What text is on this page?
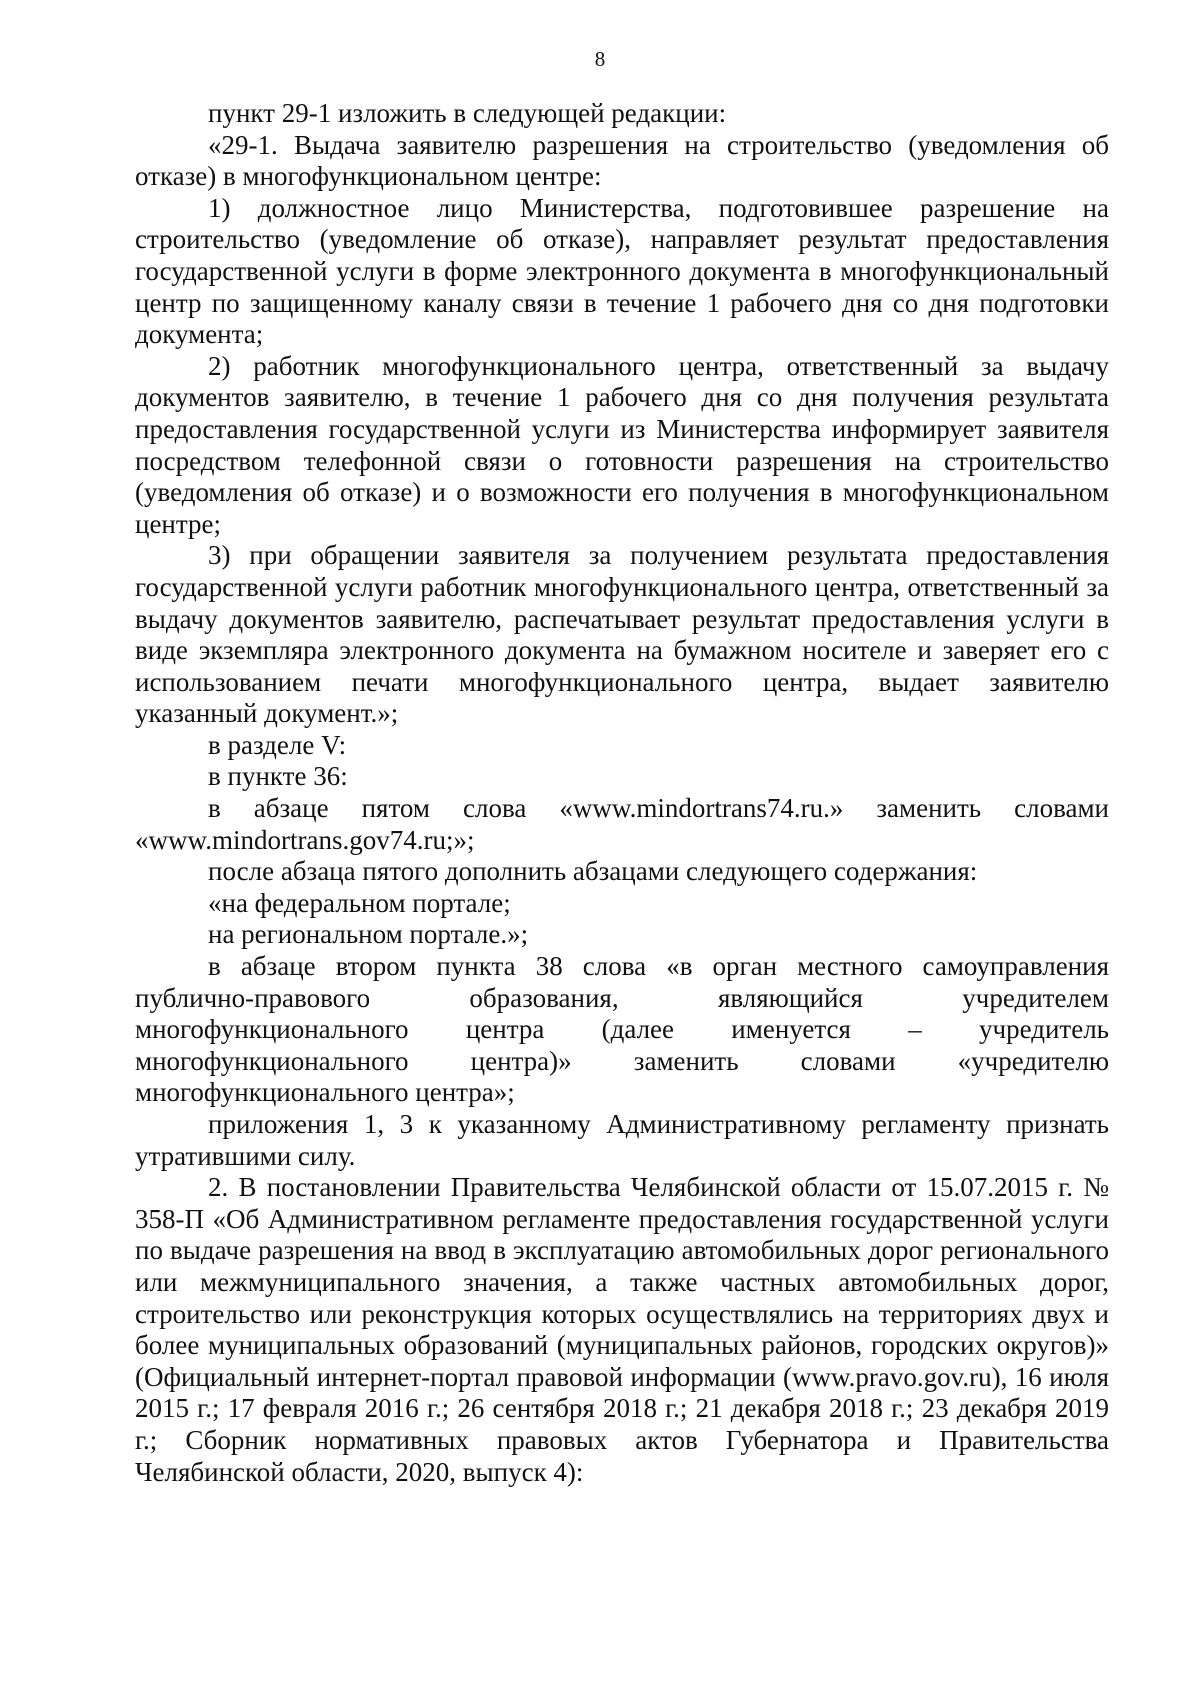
8

пункт 29-1 изложить в следующей редакции:

«29-1. Выдача заявителю разрешения на строительство (уведомления об отказе) в многофункциональном центре:

1) должностное лицо Министерства, подготовившее разрешение на строительство (уведомление об отказе), направляет результат предоставления государственной услуги в форме электронного документа в многофункциональный центр по защищенному каналу связи в течение 1 рабочего дня со дня подготовки документа;

2) работник многофункционального центра, ответственный за выдачу документов заявителю, в течение 1 рабочего дня со дня получения результата предоставления государственной услуги из Министерства информирует заявителя посредством телефонной связи о готовности разрешения на строительство (уведомления об отказе) и о возможности его получения в многофункциональном центре;

3) при обращении заявителя за получением результата предоставления государственной услуги работник многофункционального центра, ответственный за выдачу документов заявителю, распечатывает результат предоставления услуги в виде экземпляра электронного документа на бумажном носителе и заверяет его с использованием печати многофункционального центра, выдает заявителю указанный документ.»;

в разделе V:

в пункте 36:

в абзаце пятом слова «www.mindortrans74.ru.» заменить словами «www.mindortrans.gov74.ru;»;

после абзаца пятого дополнить абзацами следующего содержания:

«на федеральном портале;

на региональном портале.»;

в абзаце втором пункта 38 слова «в орган местного самоуправления публично-правового образования, являющийся учредителем многофункционального центра (далее именуется – учредитель многофункционального центра)» заменить словами «учредителю многофункционального центра»;

приложения 1, 3 к указанному Административному регламенту признать утратившими силу.

2. В постановлении Правительства Челябинской области от 15.07.2015 г. № 358-П «Об Административном регламенте предоставления государственной услуги по выдаче разрешения на ввод в эксплуатацию автомобильных дорог регионального или межмуниципального значения, а также частных автомобильных дорог, строительство или реконструкция которых осуществлялись на территориях двух и более муниципальных образований (муниципальных районов, городских округов)» (Официальный интернет-портал правовой информации (www.pravo.gov.ru), 16 июля 2015 г.; 17 февраля 2016 г.; 26 сентября 2018 г.; 21 декабря 2018 г.; 23 декабря 2019 г.; Сборник нормативных правовых актов Губернатора и Правительства Челябинской области, 2020, выпуск 4):
